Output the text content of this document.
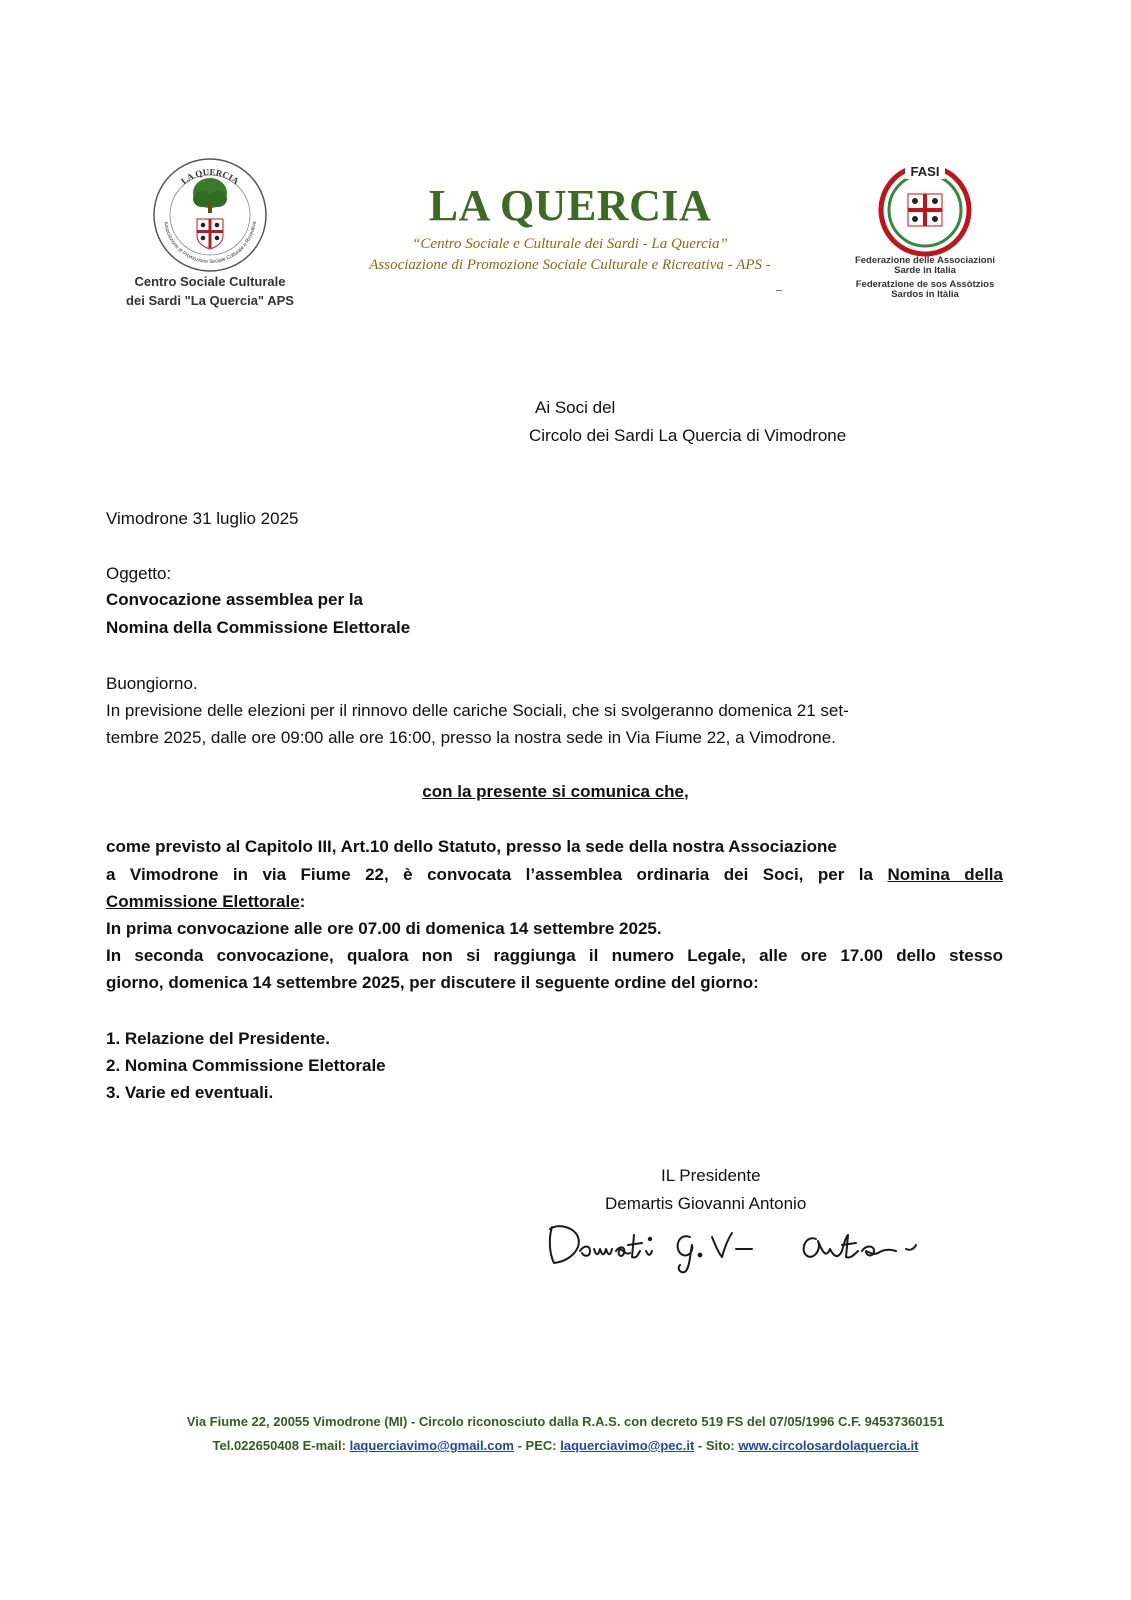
LA QUERCIA
Associazione di Promozione Sociale Culturale e Ricreativa
Centro Sociale Culturale
dei Sardi "La Quercia" APS
LA QUERCIA
“Centro Sociale e Culturale dei Sardi - La Quercia”
Associazione di Promozione Sociale Culturale e Ricreativa - APS -
FASI
Federazione delle Associazioni
Sarde in Italia
Federatzione de sos Assòtzios
Sardos in Itàlia
Ai Soci del
Circolo dei Sardi La Quercia di Vimodrone
Vimodrone 31 luglio 2025
Oggetto:
Convocazione assemblea per la
Nomina della Commissione Elettorale
Buongiorno.
In previsione delle elezioni per il rinnovo delle cariche Sociali, che si svolgeranno domenica 21 set-
tembre 2025, dalle ore 09:00 alle ore 16:00, presso la nostra sede in Via Fiume 22, a Vimodrone.
con la presente si comunica che,
come previsto al Capitolo III, Art.10 dello Statuto, presso la sede della nostra Associazione
a Vimodrone in via Fiume 22, è convocata l’assemblea ordinaria dei Soci, per la Nomina della
Commissione Elettorale:
In prima convocazione alle ore 07.00 di domenica 14 settembre 2025.
In seconda convocazione, qualora non si raggiunga il numero Legale, alle ore 17.00 dello stesso
giorno, domenica 14 settembre 2025, per discutere il seguente ordine del giorno:
1. Relazione del Presidente.
2. Nomina Commissione Elettorale
3. Varie ed eventuali.
IL Presidente
Demartis Giovanni Antonio
Via Fiume 22, 20055 Vimodrone (MI) - Circolo riconosciuto dalla R.A.S. con decreto 519 FS del 07/05/1996 C.F. 94537360151
Tel.022650408 E-mail: laquerciavimo@gmail.com - PEC: laquerciavimo@pec.it - Sito: www.circolosardolaquercia.it
